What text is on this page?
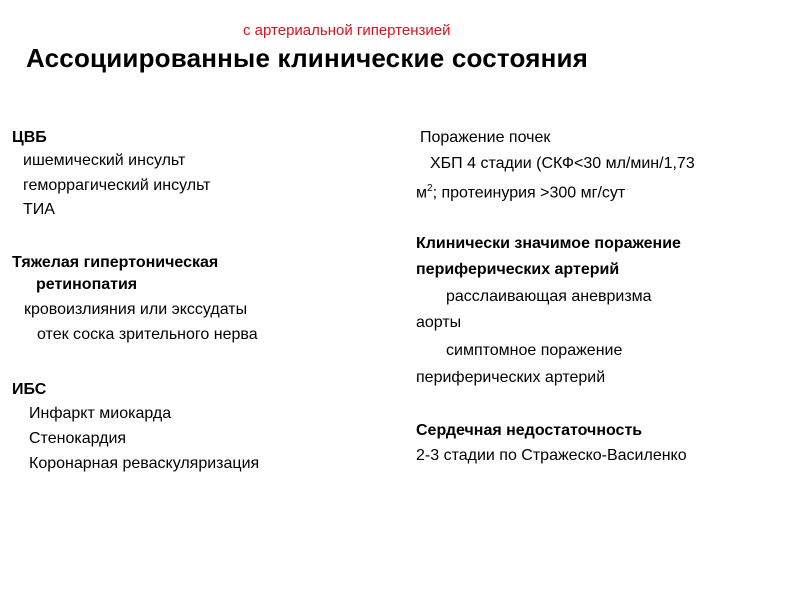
с артериальной гипертензией
Ассоциированные клинические состояния
ЦВБ
ишемический инсульт
геморрагический инсульт
ТИА
Тяжелая гипертоническая
ретинопатия
кровоизлияния или экссудаты
отек соска зрительного нерва
ИБС
Инфаркт миокарда
Стенокардия
Коронарная реваскуляризация
Поражение почек
ХБП 4 стадии (СКФ<30 мл/мин/1,73
$м^2$; протеинурия >300 мг/сут
Клинически значимое поражение
периферических артерий
расслаивающая аневризма
аорты
симптомное поражение
периферических артерий
Сердечная недостаточность
2-3 стадии по Стражеско-Василенко
